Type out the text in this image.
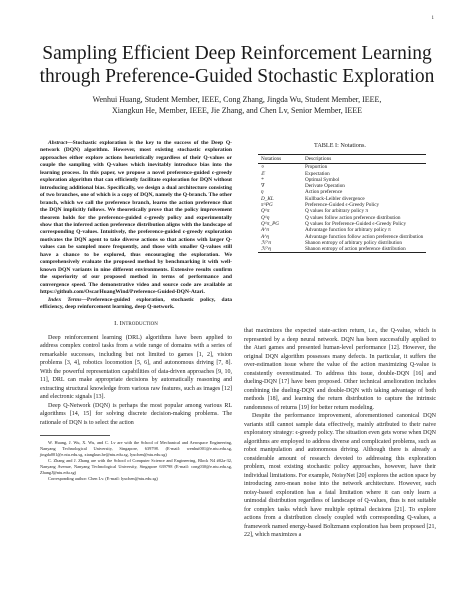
1
Sampling Efficient Deep Reinforcement Learning
through Preference-Guided Stochastic Exploration
Wenhui Huang, Student Member, IEEE, Cong Zhang, Jingda Wu, Student Member, IEEE,
Xiangkun He, Member, IEEE, Jie Zhang, and Chen Lv, Senior Member, IEEE

Abstract—Stochastic exploration is the key to the success of the Deep Q-network (DQN) algorithm. However, most existing stochastic exploration approaches either explore actions heuristically regardless of their Q-values or couple the sampling with Q-values which inevitably introduce bias into the learning process. In this paper, we propose a novel preference-guided ϵ-greedy exploration algorithm that can efficiently facilitate exploration for DQN without introducing additional bias. Specifically, we design a dual architecture consisting of two branches, one of which is a copy of DQN, namely the Q-branch. The other branch, which we call the preference branch, learns the action preference that the DQN implicitly follows. We theoretically prove that the policy improvement theorem holds for the preference-guided ϵ-greedy policy and experimentally show that the inferred action preference distribution aligns with the landscape of corresponding Q-values. Intuitively, the preference-guided ϵ-greedy exploration motivates the DQN agent to take diverse actions so that actions with larger Q-values can be sampled more frequently, and those with smaller Q-values still have a chance to be explored, thus encouraging the exploration. We comprehensively evaluate the proposed method by benchmarking it with well-known DQN variants in nine different environments. Extensive results confirm the superiority of our proposed method in terms of performance and convergence speed. The demonstrative video and source code are available at https://github.com/OscarHuangWind/Preference-Guided-DQN-Atari.

Index Terms—Preference-guided exploration, stochastic policy, data efficiency, deep reinforcement learning, deep Q-network.

I. Introduction

Deep reinforcement learning (DRL) algorithms have been applied to address complex control tasks from a wide range of domains with a series of remarkable successes, including but not limited to games [1, 2], vision problems [3, 4], robotics locomotion [5, 6], and autonomous driving [7, 8]. With the powerful representation capabilities of data-driven approaches [9, 10, 11], DRL can make appropriate decisions by automatically reasoning and extracting structural knowledge from various raw features, such as images [12] and electronic signals [13].

Deep Q-Network (DQN) is perhaps the most popular among various RL algorithms [14, 15] for solving discrete decision-making problems. The rationale of DQN is to select the action

W. Huang, J. Wu, X. Wu, and C. Lv are with the School of Mechanical and Aerospace Engineering, Nanyang Technological University, Singapore, 639798. (E-mail: wenhui001@e.ntu.edu.sg, jingda001@e.ntu.edu.sg, xiangkun.he@ntu.edu.sg, lyuchen@ntu.edu.sg)

C. Zhang and J. Zhang are with the School of Computer Science and Engineering, Block N4 #02a-32, Nanyang Avenue, Nanyang Technological University, Singapore 639798 (E-mail: cong030@e.ntu.edu.sg, ZhangJ@ntu.edu.sg)

Corresponding author: Chen Lv. (E-mail: lyuchen@ntu.edu.sg)

TABLE I: Notations.
Notations	Descriptions
∝	Proportion
𝔼	Expectation
*	Optimal Symbol
∇	Derivate Operation
η	Action preference
D_KL	Kullback-Leibler divergence
π^PG	Preference-Guided ϵ-Greedy Policy
Q^π	Q values for arbitrary policy π
Q^η	Q values follow action preference distribution
Q^π_PG	Q values for Preference-Guided ϵ-Greedy Policy
A^π	Advantage function for arbitrary policy π
A^η	Advantage function follow action preference distribution
ℋ^π	Shanon entropy of arbitrary policy distribution
ℋ^η	Shanon entropy of action preference distribution

that maximizes the expected state-action return, i.e., the Q-value, which is represented by a deep neural network. DQN has been successfully applied to the Atari games and presented human-level performance [12]. However, the original DQN algorithm possesses many defects. In particular, it suffers the over-estimation issue where the value of the action maximizing Q-value is consistently overestimated. To address this issue, double-DQN [16] and dueling-DQN [17] have been proposed. Other technical amelioration includes combining the dueling-DQN and double-DQN with taking advantage of both methods [18], and learning the return distribution to capture the intrinsic randomness of returns [19] for better return modeling.

Despite the performance improvement, aforementioned canonical DQN variants still cannot sample data effectively, mainly attributed to their naive exploratory strategy: ϵ-greedy policy. The situation even gets worse when DQN algorithms are employed to address diverse and complicated problems, such as robot manipulation and autonomous driving. Although there is already a considerable amount of research devoted to addressing this exploration problem, most existing stochastic policy approaches, however, have their individual limitations. For example, NoisyNet [20] explores the action space by introducing zero-mean noise into the network architecture. However, such noisy-based exploration has a fatal limitation where it can only learn a unimodal distribution regardless of landscape of Q-values, thus is not suitable for complex tasks which have multiple optimal decisions [21]. To explore actions from a distribution closely coupled with corresponding Q-values, a framework named energy-based Boltzmann exploration has been proposed [21, 22], which maximizes a
